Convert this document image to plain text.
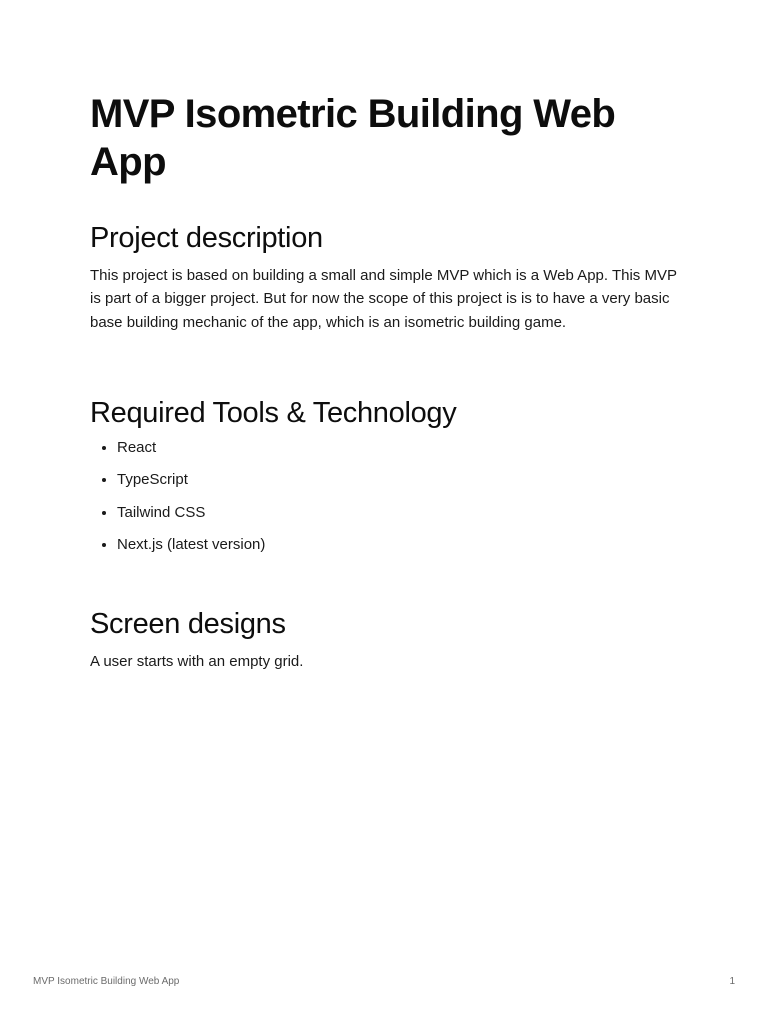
MVP Isometric Building Web App
Project description

This project is based on building a small and simple MVP which is a Web App. This MVP is part of a bigger project. But for now the scope of this project is is to have a very basic base building mechanic of the app, which is an isometric building game.

Required Tools & Technology
• React
• TypeScript
• Tailwind CSS
• Next.js (latest version)
Screen designs

A user starts with an empty grid.

MVP Isometric Building Web App	1
